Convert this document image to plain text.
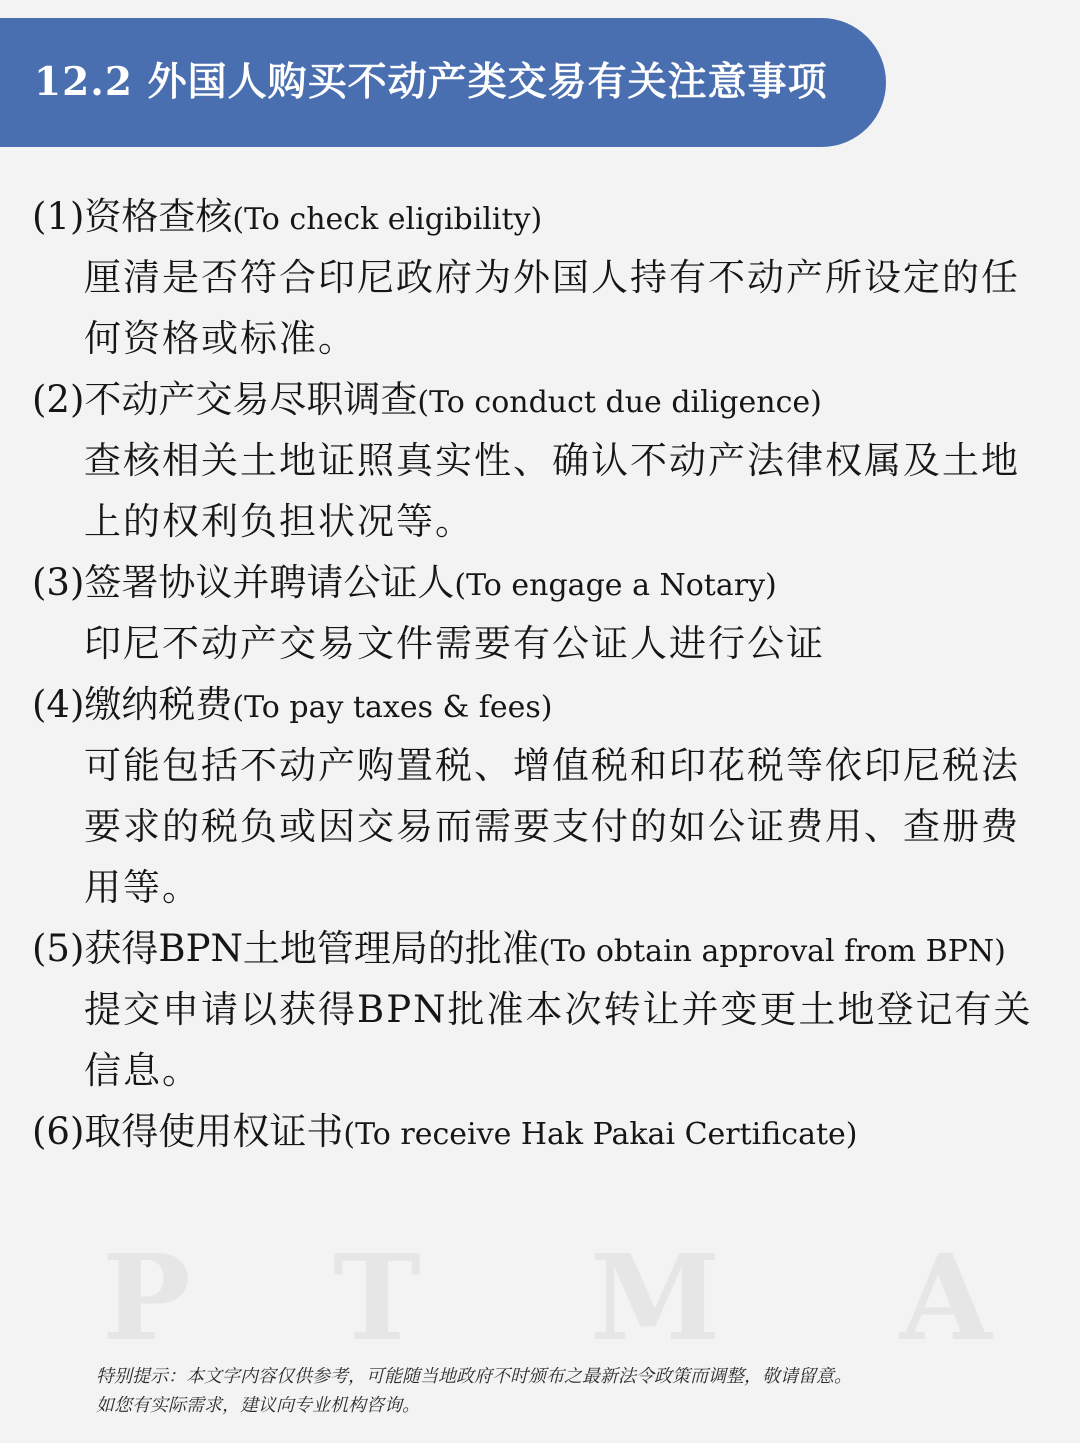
12.2 外国人购买不动产类交易有关注意事项
(1)资格查核(To check eligibility)
厘清是否符合印尼政府为外国人持有不动产所设定的任何资格或标准。
(2)不动产交易尽职调查(To conduct due diligence)
查核相关土地证照真实性、确认不动产法律权属及土地上的权利负担状况等。
(3)签署协议并聘请公证人(To engage a Notary)
印尼不动产交易文件需要有公证人进行公证
(4)缴纳税费(To pay taxes & fees)
可能包括不动产购置税、增值税和印花税等依印尼税法要求的税负或因交易而需要支付的如公证费用、查册费用等。
(5)获得BPN土地管理局的批准(To obtain approval from BPN)
提交申请以获得BPN批准本次转让并变更土地登记有关信息。
(6)取得使用权证书(To receive Hak Pakai Certificate)
P T M A
特别提示：本文字内容仅供参考，可能随当地政府不时颁布之最新法令政策而调整，敬请留意。
如您有实际需求，建议向专业机构咨询。
